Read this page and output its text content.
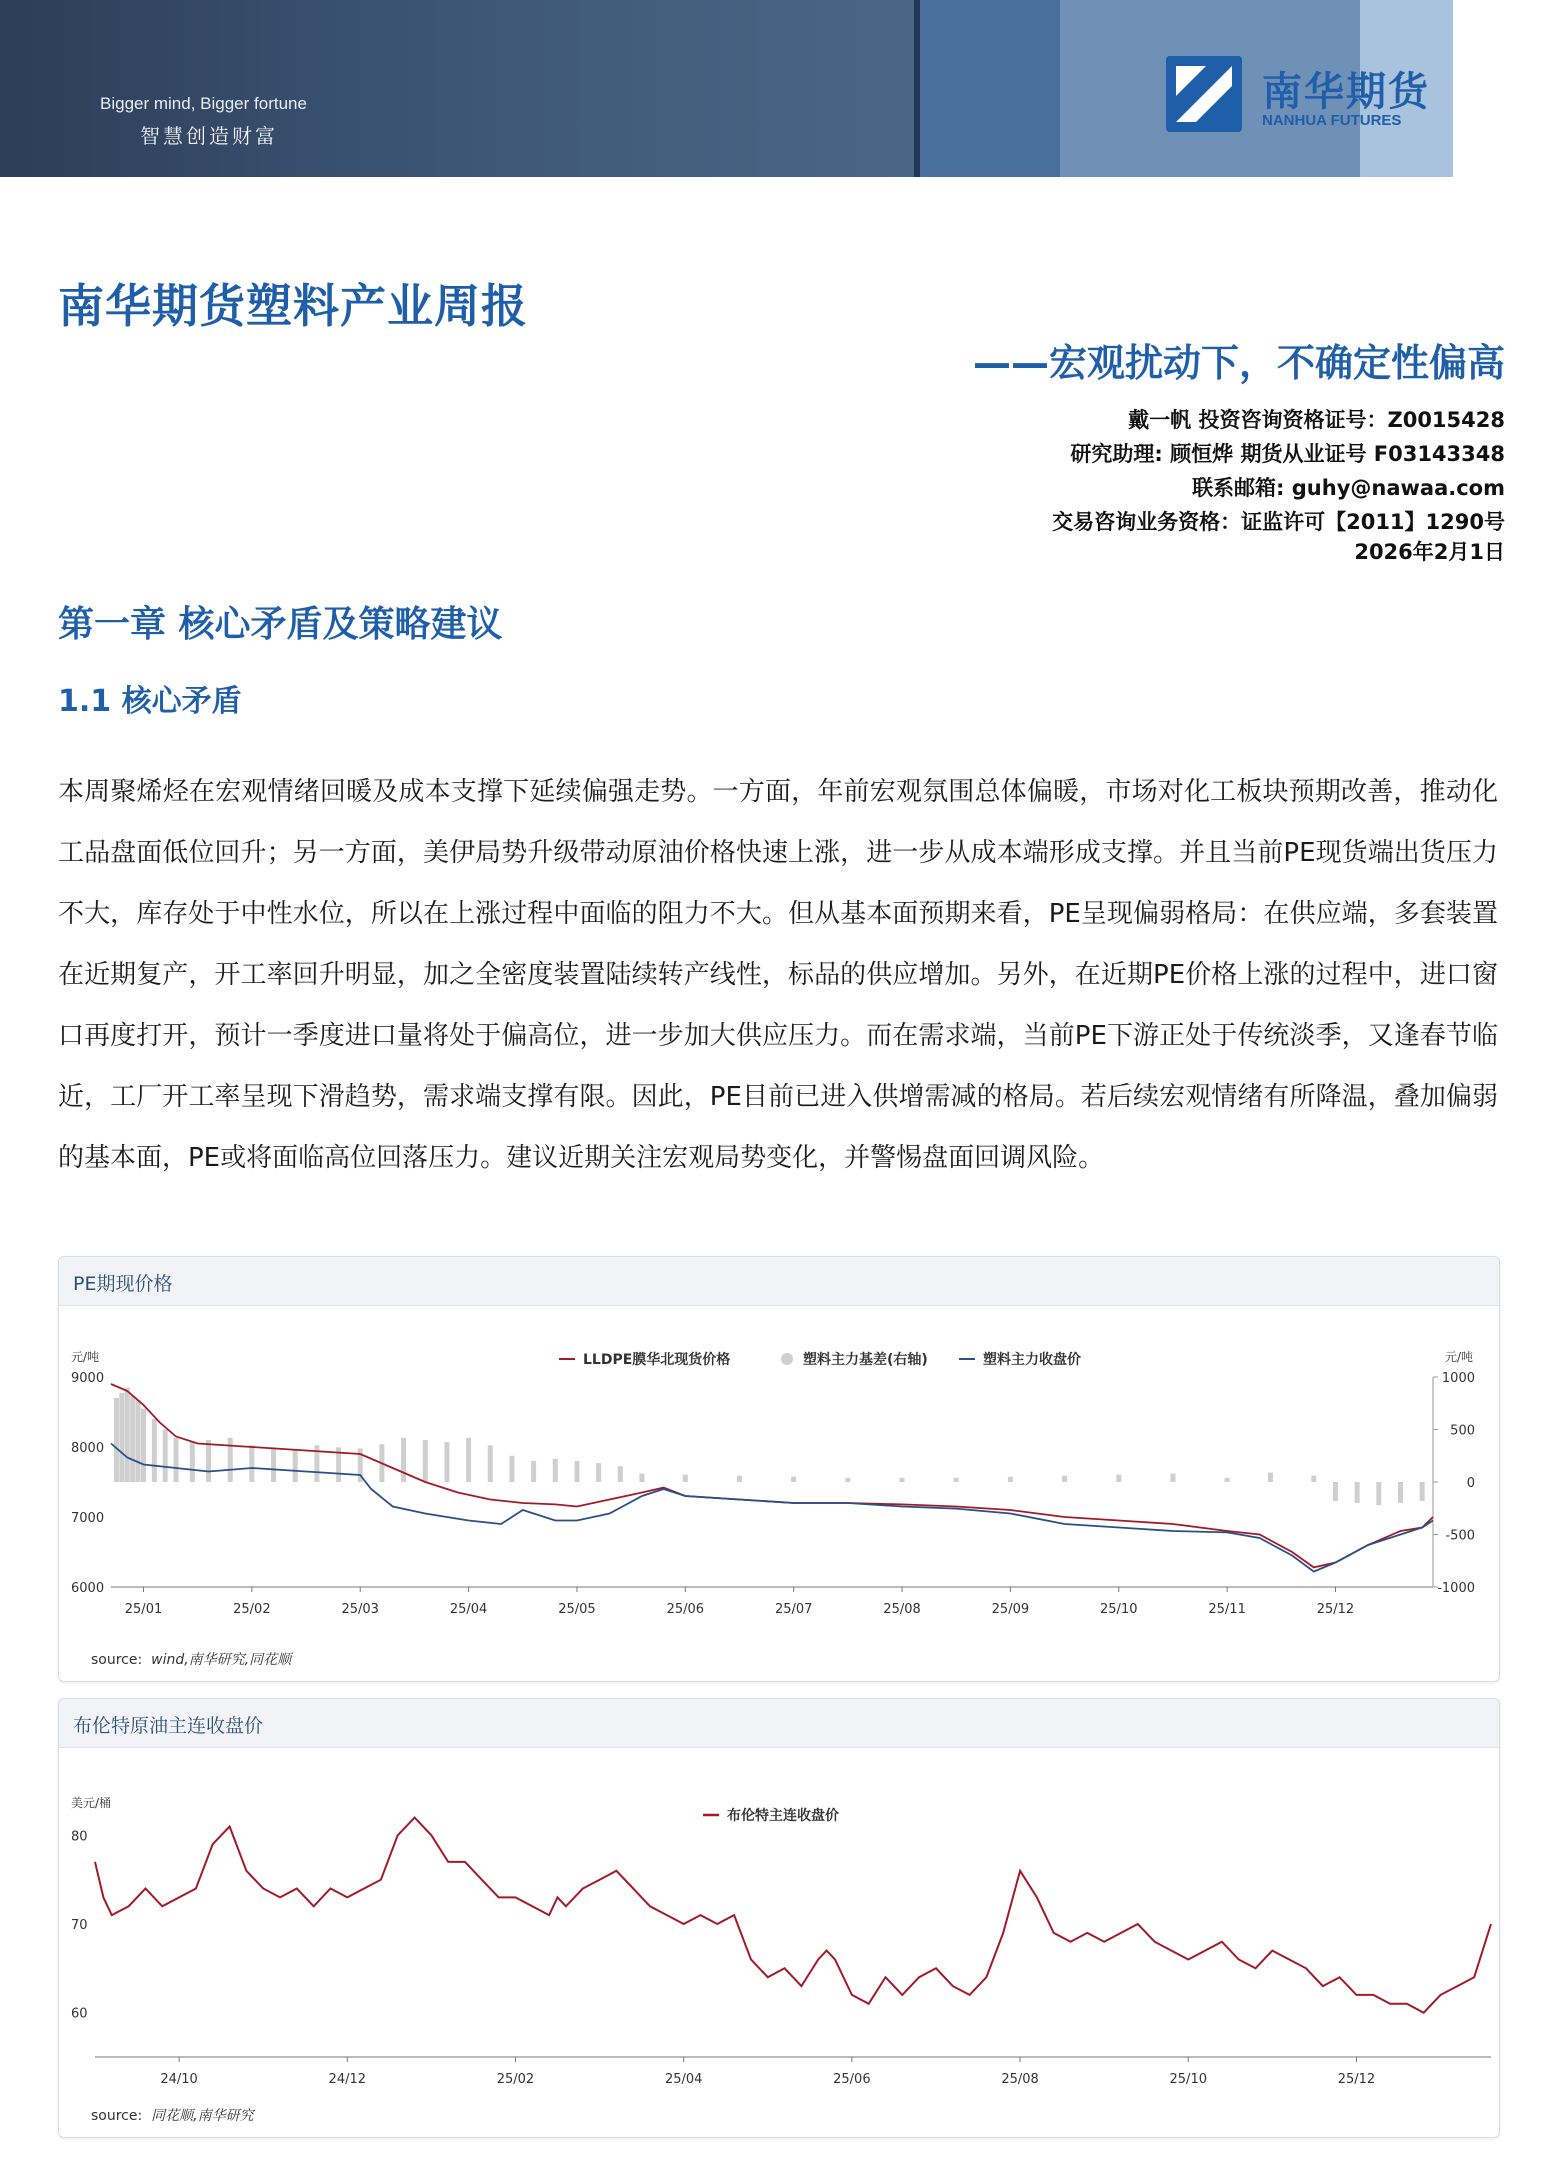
Bigger mind, Bigger fortune
智慧创造财富
南华期货
NANHUA FUTURES
南华期货塑料产业周报
——宏观扰动下，不确定性偏高
戴一帆 投资咨询资格证号：Z0015428
研究助理: 顾恒烨 期货从业证号 F03143348
联系邮箱: guhy@nawaa.com
交易咨询业务资格：证监许可【2011】1290号
2026年2月1日
第一章 核心矛盾及策略建议
1.1 核心矛盾
本周聚烯烃在宏观情绪回暖及成本支撑下延续偏强走势。一方面，年前宏观氛围总体偏暖，市场对化工板块预期改善，推动化工品盘面低位回升；另一方面，美伊局势升级带动原油价格快速上涨，进一步从成本端形成支撑。并且当前PE现货端出货压力不大，库存处于中性水位，所以在上涨过程中面临的阻力不大。但从基本面预期来看，PE呈现偏弱格局：在供应端，多套装置在近期复产，开工率回升明显，加之全密度装置陆续转产线性，标品的供应增加。另外，在近期PE价格上涨的过程中，进口窗口再度打开，预计一季度进口量将处于偏高位，进一步加大供应压力。而在需求端，当前PE下游正处于传统淡季，又逢春节临近，工厂开工率呈现下滑趋势，需求端支撑有限。因此，PE目前已进入供增需减的格局。若后续宏观情绪有所降温，叠加偏弱的基本面，PE或将面临高位回落压力。建议近期关注宏观局势变化，并警惕盘面回调风险。
PE期现价格
元/吨	元/吨
6000
7000
8000
9000
-1000
-500
0
500
1000
25/01	25/02	25/03	25/04	25/05	25/06	25/07	25/08	25/09	25/10	25/11	25/12
LLDPE膜华北现货价格	塑料主力基差(右轴)	塑料主力收盘价
source: wind,南华研究,同花顺
布伦特原油主连收盘价
美元/桶
60
70
80
24/10	24/12	25/02	25/04	25/06	25/08	25/10	25/12
布伦特主连收盘价
source: 同花顺,南华研究
